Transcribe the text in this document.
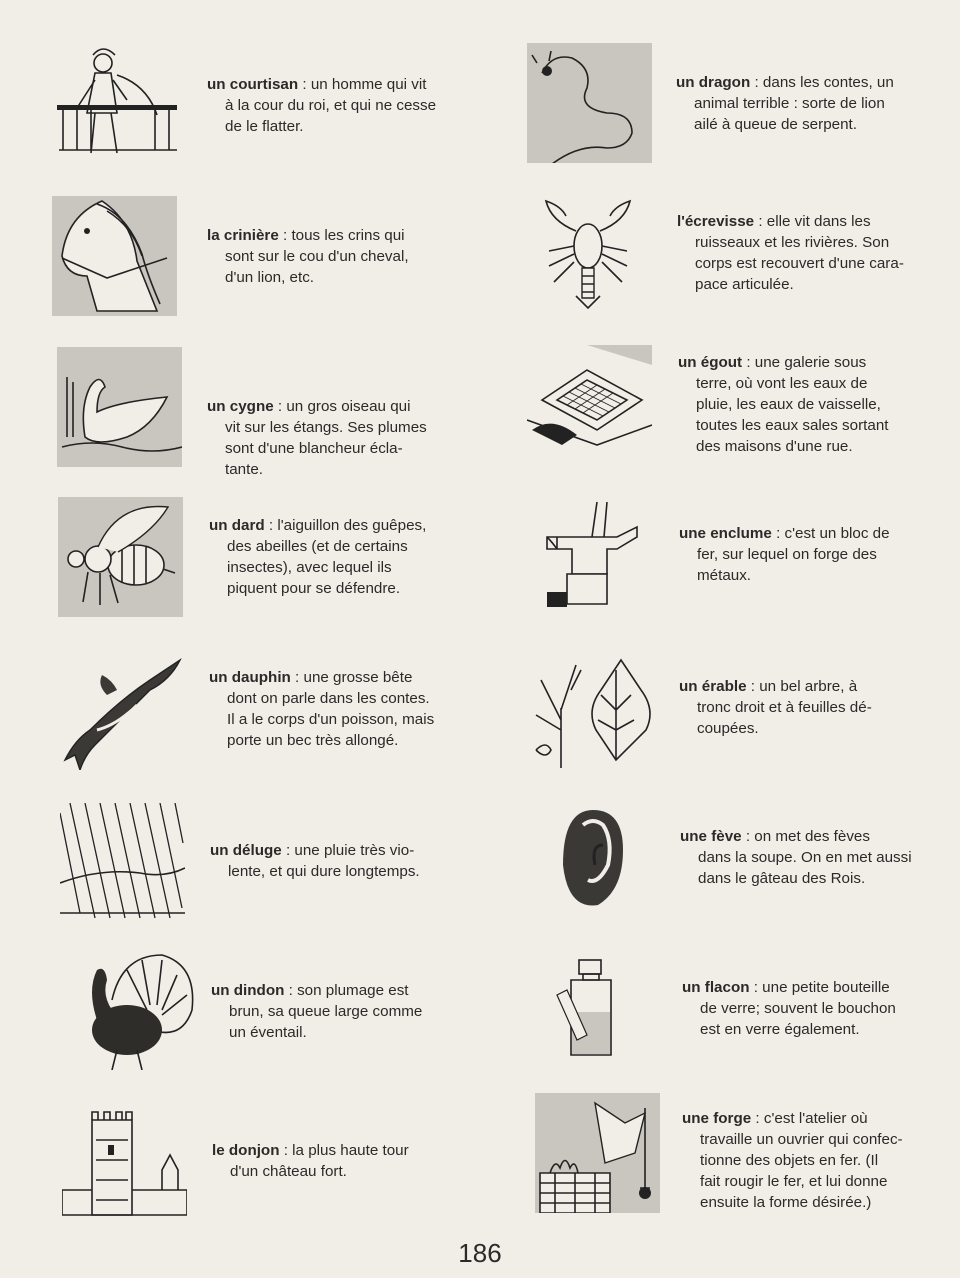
un courtisan : un homme qui vit

à la cour du roi, et qui ne cesse

de le flatter.

la crinière : tous les crins qui

sont sur le cou d'un cheval,

d'un lion, etc.

un cygne : un gros oiseau qui

vit sur les étangs. Ses plumes

sont d'une blancheur écla-

tante.

un dard : l'aiguillon des guêpes,

des abeilles (et de certains

insectes), avec lequel ils

piquent pour se défendre.

un dauphin : une grosse bête

dont on parle dans les contes.

Il a le corps d'un poisson, mais

porte un bec très allongé.

un déluge : une pluie très vio-

lente, et qui dure longtemps.

un dindon : son plumage est

brun, sa queue large comme

un éventail.

le donjon : la plus haute tour

d'un château fort.

un dragon : dans les contes, un

animal terrible : sorte de lion

ailé à queue de serpent.

l'écrevisse : elle vit dans les

ruisseaux et les rivières. Son

corps est recouvert d'une cara-

pace articulée.

un égout : une galerie sous

terre, où vont les eaux de

pluie, les eaux de vaisselle,

toutes les eaux sales sortant

des maisons d'une rue.

une enclume : c'est un bloc de

fer, sur lequel on forge des

métaux.

un érable : un bel arbre, à

tronc droit et à feuilles dé-

coupées.

une fève : on met des fèves

dans la soupe. On en met aussi

dans le gâteau des Rois.

un flacon : une petite bouteille

de verre; souvent le bouchon

est en verre également.

une forge : c'est l'atelier où

travaille un ouvrier qui confec-

tionne des objets en fer. (Il

fait rougir le fer, et lui donne

ensuite la forme désirée.)

186
